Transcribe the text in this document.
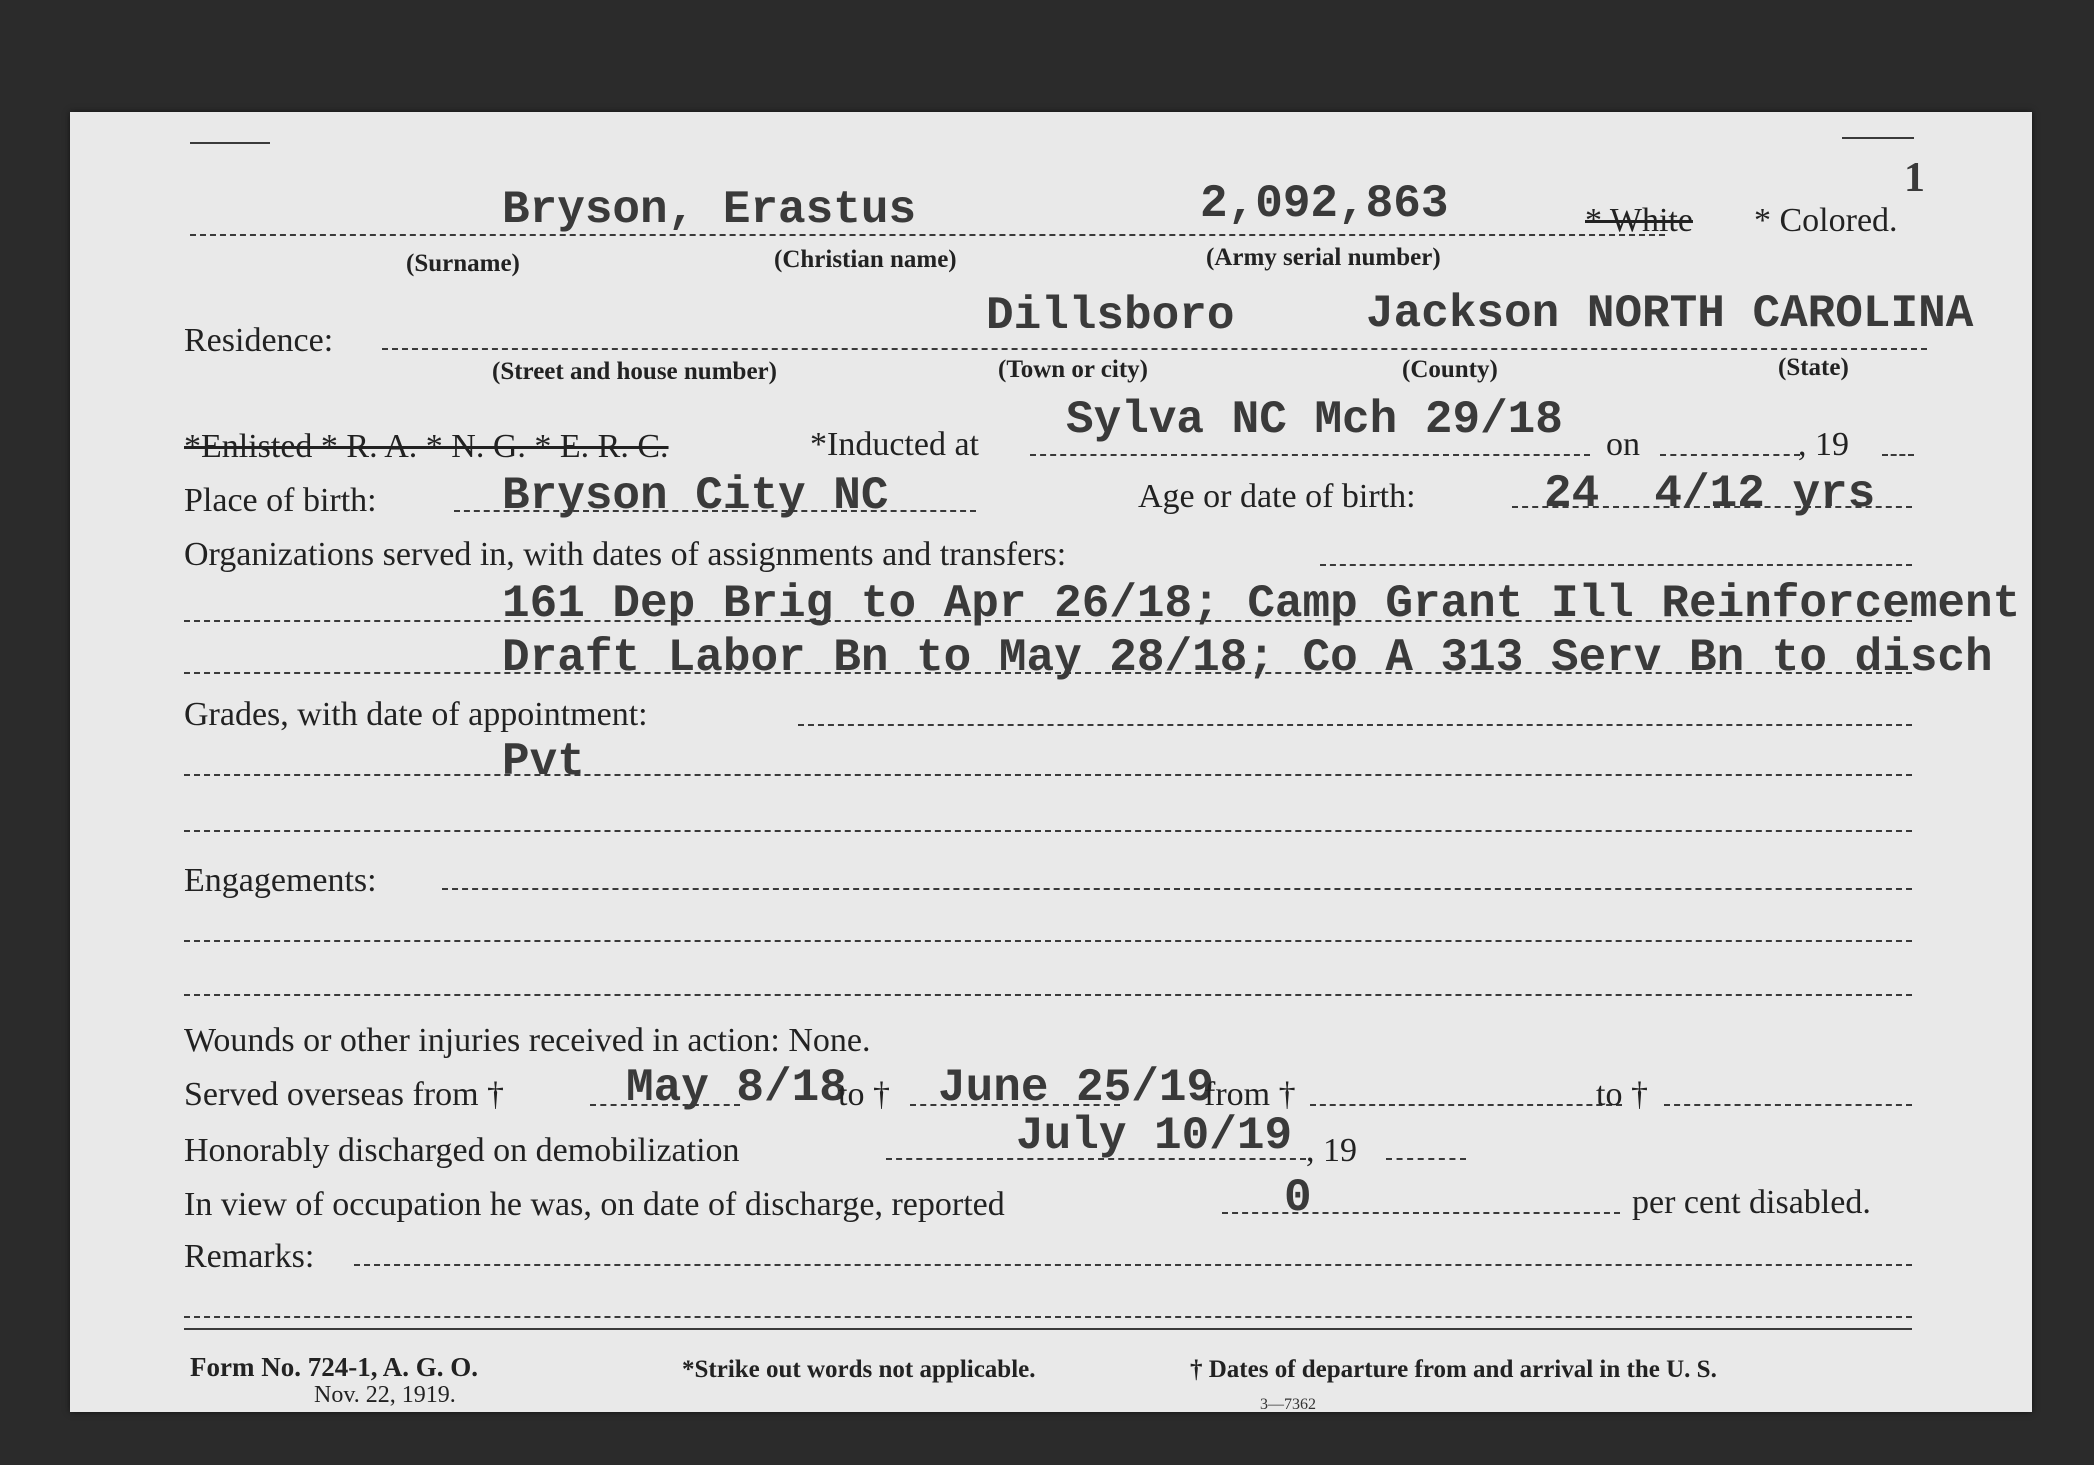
1
Bryson, Erastus	2,092,863	* White * Colored.
(Surname)	(Christian name)	(Army serial number)
Residence:	Dillsboro	Jackson NORTH CAROLINA
(Street and house number)	(Town or city)	(County)	(State)
*Enlisted * R. A. * N. G. * E. R. C.	*Inducted at Sylva NC Mch 29/18 on	, 19
Place of birth:	Bryson City NC	Age or date of birth:	24  4/12 yrs
Organizations served in, with dates of assignments and transfers:
161 Dep Brig to Apr 26/18; Camp Grant Ill Reinforcement
Draft Labor Bn to May 28/18; Co A 313 Serv Bn to disch
Grades, with date of appointment:
Pvt
Engagements:
Wounds or other injuries received in action: None.
Served overseas from †	May 8/18
to † June 25/19
from †	to †
Honorably discharged on demobilization	July 10/19 , 19
In view of occupation he was, on date of discharge, reported	0	per cent disabled.
Remarks:
Form No. 724-1, A. G. O.
Nov. 22, 1919.
*Strike out words not applicable.	† Dates of departure from and arrival in the U. S.
3—7362
